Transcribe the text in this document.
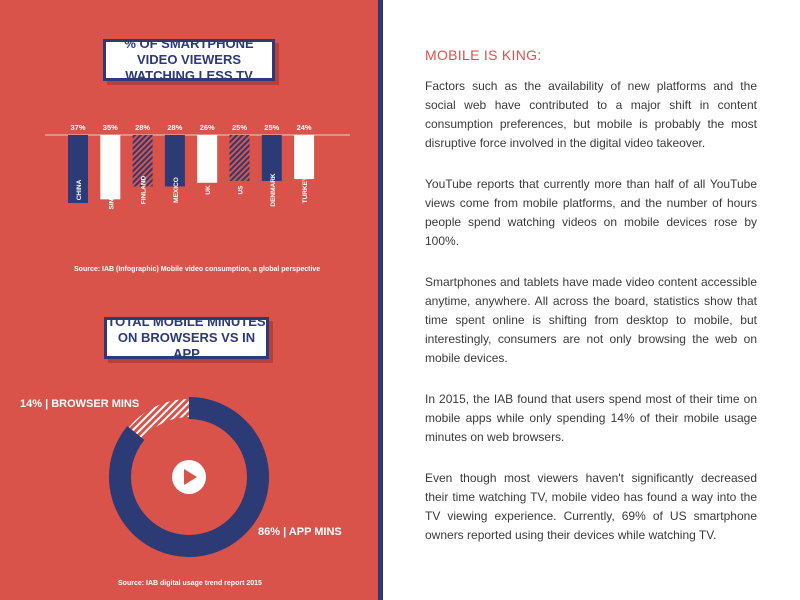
37%
CHINA
35%
SINGAPORE
28%
FINLAND
28%
MEXICO
26%
UK
25%
US
25%
DENMARK
24%
TURKEY
14% | BROWSER MINS
86% | APP MINS
% OF SMARTPHONE VIDEO VIEWERS WATCHING LESS TV
Source: IAB (Infographic) Mobile video consumption, a global perspective
TOTAL MOBILE MINUTES ON BROWSERS VS IN APP
Source: IAB digital usage trend report 2015
MOBILE IS KING:

Factors such as the availability of new platforms and the social web have contributed to a major shift in content consumption preferences, but mobile is probably the most disruptive force involved in the digital video takeover.

YouTube reports that currently more than half of all YouTube views come from mobile platforms, and the number of hours people spend watching videos on mobile devices rose by 100%.

Smartphones and tablets have made video content accessible anytime, anywhere. All across the board, statistics show that time spent online is shifting from desktop to mobile, but interestingly, consumers are not only browsing the web on mobile devices.

In 2015, the IAB found that users spend most of their time on mobile apps while only spending 14% of their mobile usage minutes on web browsers.

Even though most viewers haven't significantly decreased their time watching TV, mobile video has found a way into the TV viewing experience. Currently, 69% of US smartphone owners reported using their devices while watching TV.
